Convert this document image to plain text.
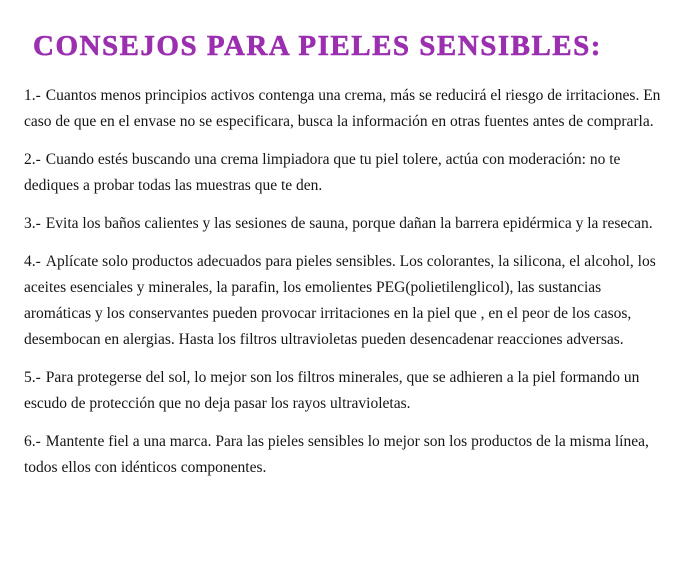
CONSEJOS PARA PIELES SENSIBLES:

1.- Cuantos menos principios activos contenga una crema, más se reducirá el riesgo de irritaciones. En caso de que en el envase no se especificara, busca la información en otras fuentes antes de comprarla.

2.- Cuando estés buscando una crema limpiadora que tu piel tolere, actúa con moderación: no te dediques a probar todas las muestras que te den.

3.- Evita los baños calientes y las sesiones de sauna, porque dañan la barrera epidérmica y la resecan.

4.- Aplícate solo productos adecuados para pieles sensibles. Los colorantes, la silicona, el alcohol, los aceites esenciales y minerales, la parafin, los emolientes PEG(polietilenglicol), las sustancias aromáticas y los conservantes pueden provocar irritaciones en la piel que , en el peor de los casos, desembocan en alergias. Hasta los filtros ultravioletas pueden desencadenar reacciones adversas.

5.- Para protegerse del sol, lo mejor son los filtros minerales, que se adhieren a la piel formando un escudo de protección que no deja pasar los rayos ultravioletas.

6.- Mantente fiel a una marca. Para las pieles sensibles lo mejor son los productos de la misma línea, todos ellos con idénticos componentes.
